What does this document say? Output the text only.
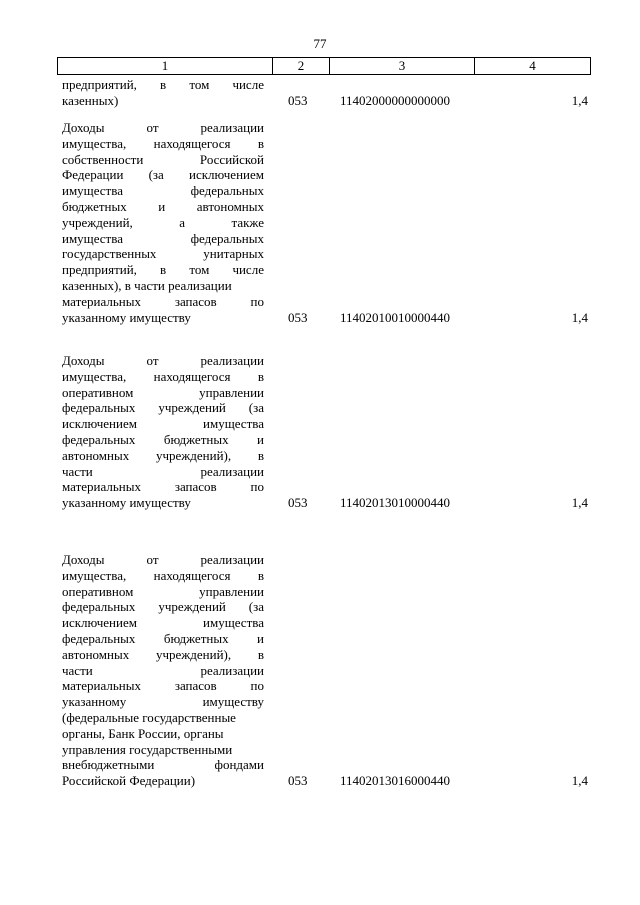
77
1	2	3	4
предприятий, в том числе
казенных)	053	11402000000000000	1,4
Доходы	от	реализации
имущества, находящегося в
собственности	Российской
Федерации (за исключением
имущества	федеральных
бюджетных и автономных
учреждений,	а	также
имущества	федеральных
государственных	унитарных
предприятий, в том числе
казенных), в части реализации
материальных	запасов	по
указанному имуществу	053	11402010010000440	1,4
Доходы	от	реализации
имущества, находящегося в
оперативном	управлении
федеральных учреждений (за
исключением	имущества
федеральных бюджетных и
автономных учреждений), в
части	реализации
материальных	запасов	по
указанному имуществу	053	11402013010000440	1,4
Доходы	от	реализации
имущества, находящегося в
оперативном	управлении
федеральных учреждений (за
исключением	имущества
федеральных бюджетных и
автономных учреждений), в
части	реализации
материальных	запасов	по
указанному	имуществу
(федеральные государственные
органы, Банк России, органы
управления государственными
внебюджетными	фондами
Российской Федерации)	053	11402013016000440	1,4
